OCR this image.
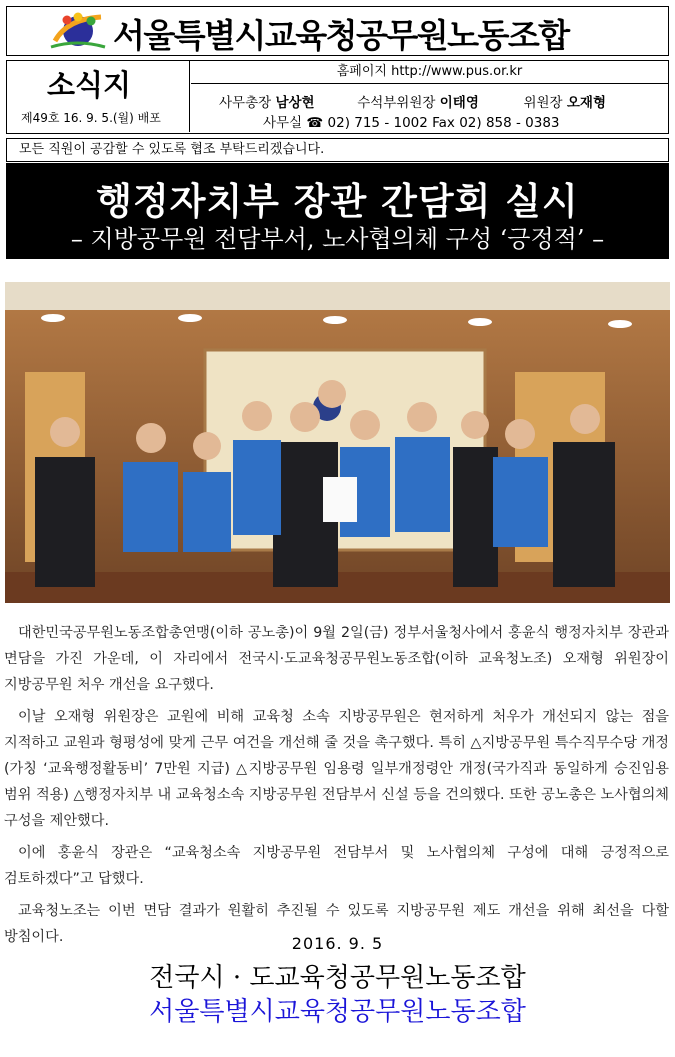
서울특별시교육청공무원노동조합
소식지
제49호 16. 9. 5.(월) 배포
홈페이지 http://www.pus.or.kr
사무총장 남상현	수석부위원장 이태영	위원장 오재형
사무실 ☎ 02) 715 - 1002 Fax 02) 858 - 0383
모든 직원이 공감할 수 있도록 협조 부탁드리겠습니다.
행정자치부 장관 간담회 실시
– 지방공무원 전담부서, 노사협의체 구성 ‘긍정적’ –

대한민국공무원노동조합총연맹(이하 공노총)이 9월 2일(금) 정부서울청사에서 홍윤식 행정자치부 장관과 면담을 가진 가운데, 이 자리에서 전국시·도교육청공무원노동조합(이하 교육청노조) 오재형 위원장이 지방공무원 처우 개선을 요구했다.

이날 오재형 위원장은 교원에 비해 교육청 소속 지방공무원은 현저하게 처우가 개선되지 않는 점을 지적하고 교원과 형평성에 맞게 근무 여건을 개선해 줄 것을 촉구했다. 특히 △지방공무원 특수직무수당 개정(가칭 ‘교육행정활동비’ 7만원 지급) △지방공무원 임용령 일부개정령안 개정(국가직과 동일하게 승진임용 범위 적용) △행정자치부 내 교육청소속 지방공무원 전담부서 신설 등을 건의했다. 또한 공노총은 노사협의체 구성을 제안했다.

이에 홍윤식 장관은 “교육청소속 지방공무원 전담부서 및 노사협의체 구성에 대해 긍정적으로 검토하겠다”고 답했다.

교육청노조는 이번 면담 결과가 원활히 추진될 수 있도록 지방공무원 제도 개선을 위해 최선을 다할 방침이다.	2016. 9. 5
전국시 · 도교육청공무원노동조합
서울특별시교육청공무원노동조합
